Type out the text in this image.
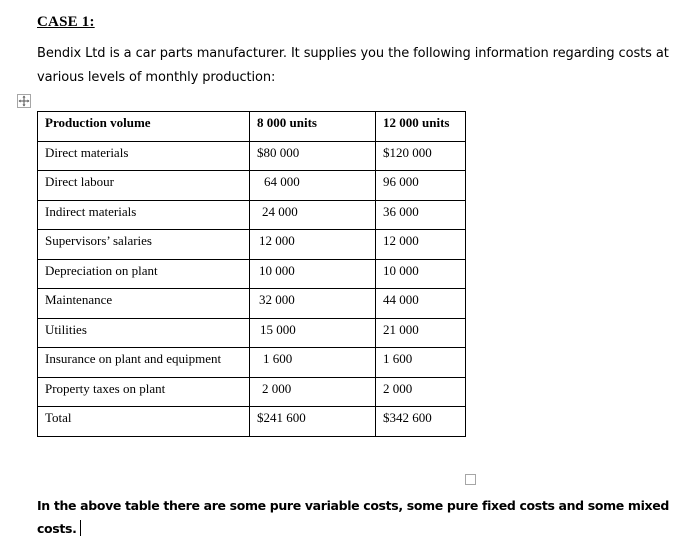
CASE 1:
Bendix Ltd is a car parts manufacturer. It supplies you the following information regarding costs at various levels of monthly production:
Production volume	8 000 units	12 000 units
Direct materials	$80 000	$120 000
Direct labour	64 000	96 000
Indirect materials	24 000	36 000
Supervisors’ salaries	12 000	12 000
Depreciation on plant	10 000	10 000
Maintenance	32 000	44 000
Utilities	15 000	21 000
Insurance on plant and equipment	1 600	1 600
Property taxes on plant	2 000	2 000
Total	$241 600	$342 600
In the above table there are some pure variable costs, some pure fixed costs and some mixed costs.
